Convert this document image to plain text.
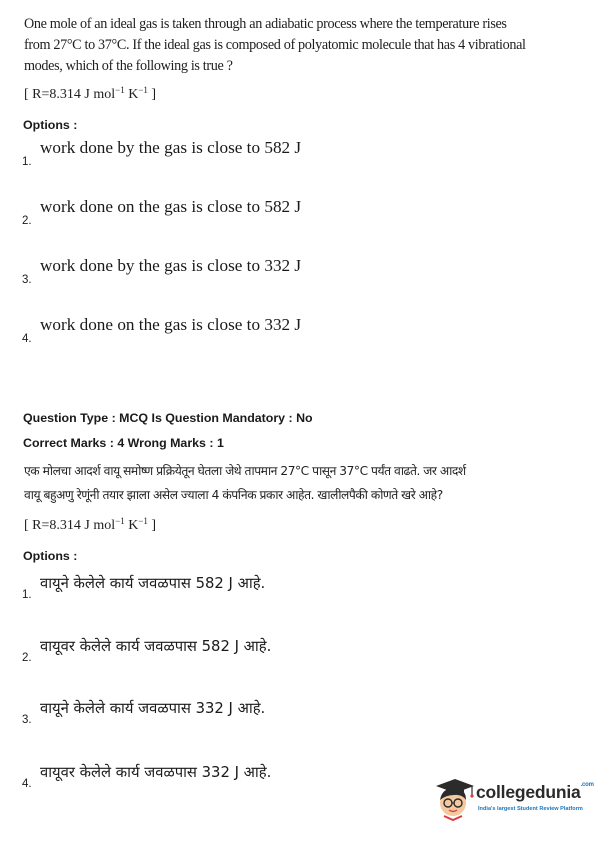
One mole of an ideal gas is taken through an adiabatic process where the temperature rises
from 27°C to 37°C. If the ideal gas is composed of polyatomic molecule that has 4 vibrational
modes, which of the following is true ?
[ R=8.314 J mol$^{-1}$ $K^{-1}$ ]
Options :
1.
work done by the gas is close to 582 J
2.
work done on the gas is close to 582 J
3.
work done by the gas is close to 332 J
4.
work done on the gas is close to 332 J
Question Type : MCQ Is Question Mandatory : No
Correct Marks : 4 Wrong Marks : 1
एक मोलचा आदर्श वायू समोष्ण प्रक्रियेतून घेतला जेथे तापमान 27°C पासून 37°C पर्यंत वाढते. जर आदर्श
वायू बहुअणु रेणूंनी तयार झाला असेल ज्याला 4 कंपनिक प्रकार आहेत. खालीलपैकी कोणते खरे आहे?
[ R=8.314 J mol$^{-1}$ $K^{-1}$ ]
Options :
1.
वायूने केलेले कार्य जवळपास 582 J आहे.
2.
वायूवर केलेले कार्य जवळपास 582 J आहे.
3.
वायूने केलेले कार्य जवळपास 332 J आहे.
4.
वायूवर केलेले कार्य जवळपास 332 J आहे.
collegedunia$^{.com}$
India's largest Student Review Platform
